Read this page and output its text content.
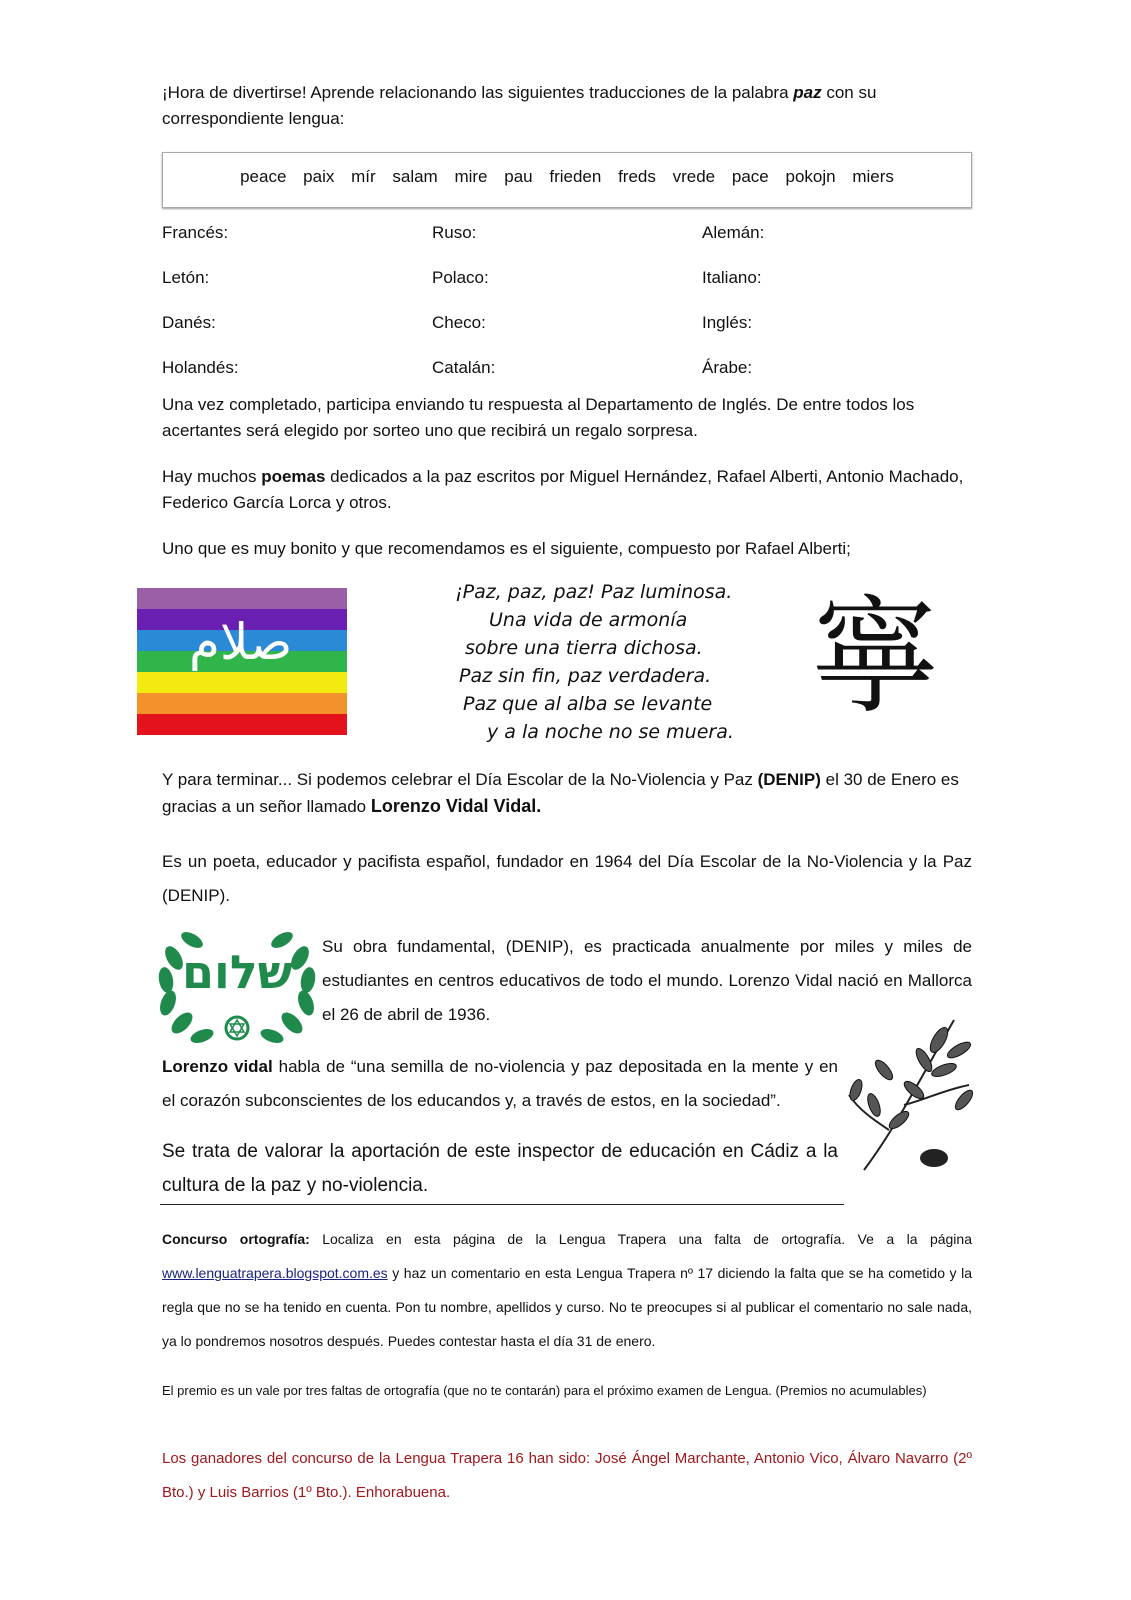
¡Hora de divertirse! Aprende relacionando las siguientes traducciones de la palabra paz con su correspondiente lengua:
peace paix mír salam mire pau frieden freds vrede pace pokojn miers
Francés:	Ruso:	Alemán:
Letón:	Polaco:	Italiano:
Danés:	Checo:	Inglés:
Holandés:	Catalán:	Árabe:
Una vez completado, participa enviando tu respuesta al Departamento de Inglés. De entre todos los acertantes será elegido por sorteo uno que recibirá un regalo sorpresa.
Hay muchos poemas dedicados a la paz escritos por Miguel Hernández, Rafael Alberti, Antonio Machado, Federico García Lorca y otros.
Uno que es muy bonito y que recomendamos es el siguiente, compuesto por Rafael Alberti;
صلام
¡Paz, paz, paz! Paz luminosa.
Una vida de armonía
sobre una tierra dichosa.
Paz sin fin, paz verdadera.
Paz que al alba se levante
y a la noche no se muera. 寧
Y para terminar... Si podemos celebrar el Día Escolar de la No-Violencia y Paz (DENIP) el 30 de Enero es gracias a un señor llamado Lorenzo Vidal Vidal.
Es un poeta, educador y pacifista español, fundador en 1964 del Día Escolar de la No-Violencia y la Paz (DENIP).
שלום Su obra fundamental, (DENIP), es practicada anualmente por miles y miles de estudiantes en centros educativos de todo el mundo. Lorenzo Vidal nació en Mallorca el 26 de abril de 1936.
Lorenzo vidal habla de “una semilla de no-violencia y paz depositada en la mente y en el corazón subconscientes de los educandos y, a través de estos, en la sociedad”.
Se trata de valorar la aportación de este inspector de educación en Cádiz a la cultura de la paz y no-violencia.
Concurso ortografía: Localiza en esta página de la Lengua Trapera una falta de ortografía. Ve a la página www.lenguatrapera.blogspot.com.es y haz un comentario en esta Lengua Trapera nº 17 diciendo la falta que se ha cometido y la regla que no se ha tenido en cuenta. Pon tu nombre, apellidos y curso. No te preocupes si al publicar el comentario no sale nada, ya lo pondremos nosotros después. Puedes contestar hasta el día 31 de enero.
El premio es un vale por tres faltas de ortografía (que no te contarán) para el próximo examen de Lengua. (Premios no acumulables)
Los ganadores del concurso de la Lengua Trapera 16 han sido: José Ángel Marchante, Antonio Vico, Álvaro Navarro (2º Bto.) y Luis Barrios (1º Bto.). Enhorabuena.
